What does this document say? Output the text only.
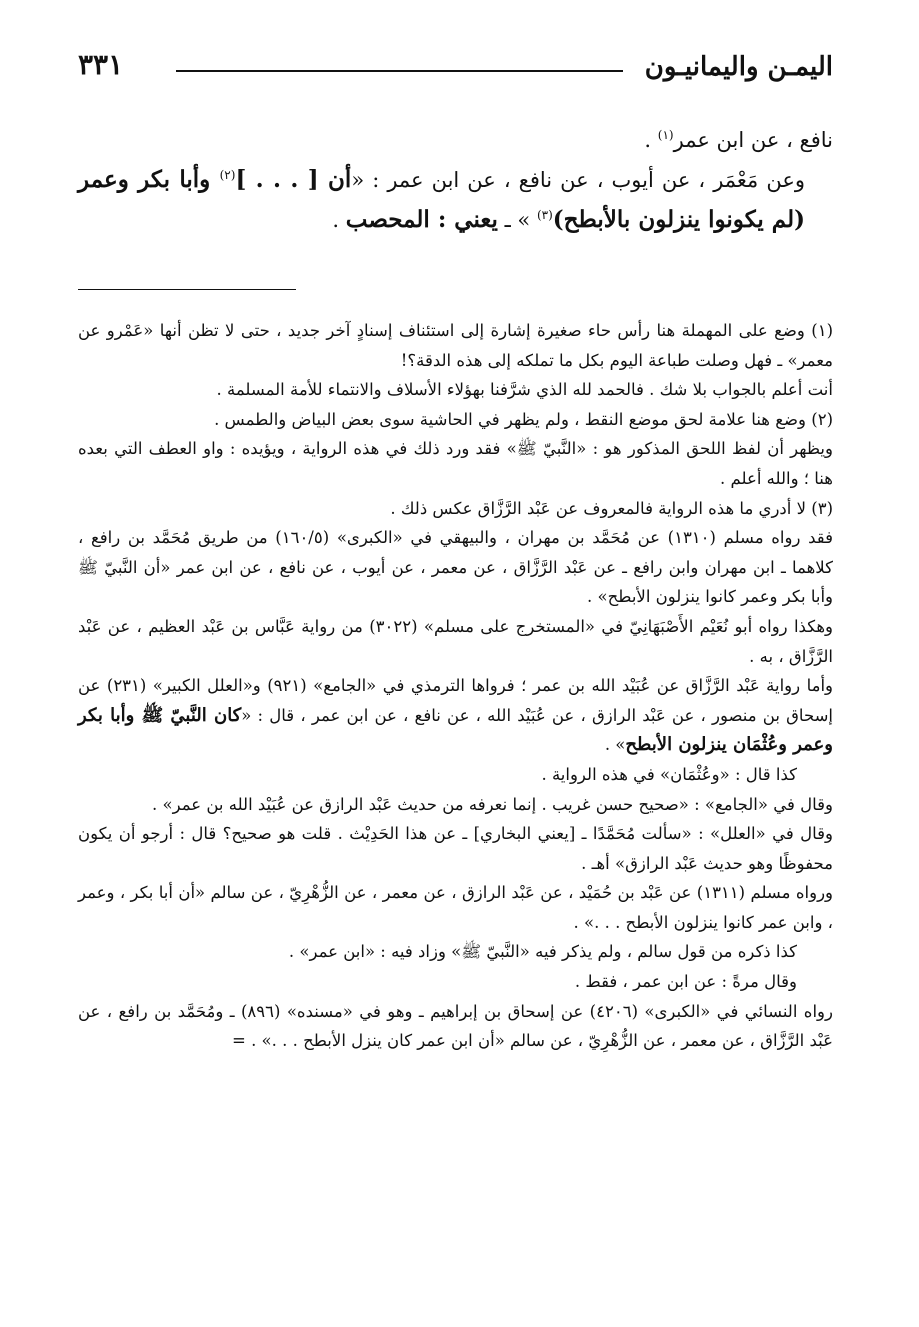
اليمـن واليمانيـون
٣٣١

نافع ، عن ابن عمر$^{(١)}$ .

وعن مَعْمَر ، عن أيوب ، عن نافع ، عن ابن عمر : «أن [ . . . ]$^{(٢)}$ وأبا بكر وعمر (لم يكونوا ينزلون بالأبطح)$^{(٣)}$ » ـ يعني : المحصب .

(١) وضع على المهملة هنا رأس حاء صغيرة إشارة إلى استئناف إسنادٍ آخر جديد ، حتى لا تظن أنها «عَمْرو عن معمر» ـ فهل وصلت طباعة اليوم بكل ما تملكه إلى هذه الدقة؟!

أنت أعلم بالجواب بلا شك . فالحمد لله الذي شرَّفنا بهؤلاء الأسلاف والانتماء للأمة المسلمة .

(٢) وضع هنا علامة لحق موضع النقط ، ولم يظهر في الحاشية سوى بعض البياض والطمس .

ويظهر أن لفظ اللحق المذكور هو : «النَّبيّ ﷺ» فقد ورد ذلك في هذه الرواية ، ويؤيده : واو العطف التي بعده هنا ؛ والله أعلم .

(٣) لا أدري ما هذه الرواية فالمعروف عن عَبْد الرَّزَّاق عكس ذلك .

فقد رواه مسلم (١٣١٠) عن مُحَمَّد بن مهران ، والبيهقي في «الكبرى» (١٦٠/٥) من طريق مُحَمَّد بن رافع ، كلاهما ـ ابن مهران وابن رافع ـ عن عَبْد الرَّزَّاق ، عن معمر ، عن أيوب ، عن نافع ، عن ابن عمر «أن النَّبيّ ﷺ وأبا بكر وعمر كانوا ينزلون الأبطح» .

وهكذا رواه أبو نُعَيْم الأَصْبَهَانِيّ في «المستخرج على مسلم» (٣٠٢٢) من رواية عَبَّاس بن عَبْد العظيم ، عن عَبْد الرَّزَّاق ، به .

وأما رواية عَبْد الرَّزَّاق عن عُبَيْد الله بن عمر ؛ فرواها الترمذي في «الجامع» (٩٢١) و«العلل الكبير» (٢٣١) عن إسحاق بن منصور ، عن عَبْد الرازق ، عن عُبَيْد الله ، عن نافع ، عن ابن عمر ، قال : «كان النَّبيّ ﷺ وأبا بكر وعمر وعُثْمَان ينزلون الأبطح» .

كذا قال : «وعُثْمَان» في هذه الرواية .

وقال في «الجامع» : «صحيح حسن غريب . إنما نعرفه من حديث عَبْد الرازق عن عُبَيْد الله بن عمر» .

وقال في «العلل» : «سألت مُحَمَّدًا ـ [يعني البخاري] ـ عن هذا الحَدِيْث . قلت هو صحيح؟ قال : أرجو أن يكون محفوظًا وهو حديث عَبْد الرازق» أهـ .

ورواه مسلم (١٣١١) عن عَبْد بن حُمَيْد ، عن عَبْد الرازق ، عن معمر ، عن الزُّهْرِيّ ، عن سالم «أن أبا بكر ، وعمر ، وابن عمر كانوا ينزلون الأبطح . . .» .

كذا ذكره من قول سالم ، ولم يذكر فيه «النَّبيّ ﷺ» وزاد فيه : «ابن عمر» .

وقال مرةً : عن ابن عمر ، فقط .

رواه النسائي في «الكبرى» (٤٢٠٦) عن إسحاق بن إبراهيم ـ وهو في «مسنده» (٨٩٦) ـ ومُحَمَّد بن رافع ، عن عَبْد الرَّزَّاق ، عن معمر ، عن الزُّهْرِيّ ، عن سالم «أن ابن عمر كان ينزل الأبطح . . .» . =
